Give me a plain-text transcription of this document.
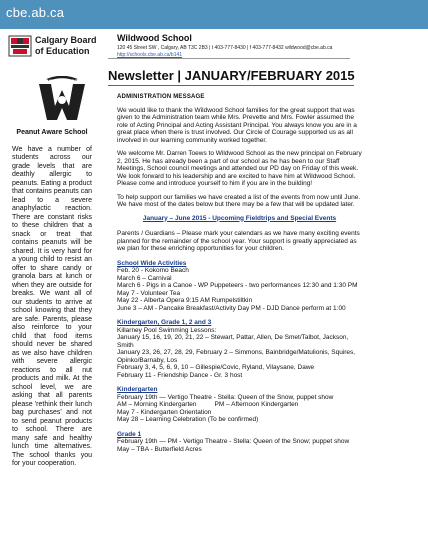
cbe.ab.ca
Calgary Board
of Education
Wildwood School
120 45 Street SW , Calgary, AB T3C 2B3 | t 403-777-8430 | f 403-777-8432 wildwood@cbe.ab.ca
http://schools.cbe.ab.ca/b141
WILDWOOD Newsletter | JANUARY/FEBRUARY 2015
Peanut Aware School

We have a number of students across our grade levels that are deathly allergic to peanuts. Eating a product that contains peanuts can lead to a severe anaphylactic reaction. There are constant risks to these children that a snack or treat that contains peanuts will be shared. It is very hard for a young child to resist an offer to share candy or granola bars at lunch or when they are outside for breaks. We want all of our students to arrive at school knowing that they are safe. Parents, please also reinforce to your child that food items should never be shared as we also have children with severe allergic reactions to all nut products and milk. At the school level, we are asking that all parents please 'rethink their lunch bag purchases' and not to send peanut products to school. There are many safe and healthy lunch time alternatives. The school thanks you for your cooperation.

ADMINISTRATION MESSAGE

We would like to thank the Wildwood School families for the great support that was given to the Administration team while Mrs. Prevette and Mrs. Fowler assumed the role of Acting Principal and Acting Assistant Principal. You always know you are in a great place when there is trust involved. Our Circle of Courage supported us as all involved in our learning community worked together.

We welcome Mr. Darren Toews to Wildwood School as the new principal on February 2, 2015. He has already been a part of our school as he has been to our Staff Meetings, School council meetings and attended our PD day on Friday of this week. We look forward to his leadership and are excited to have him at Wildwood School. Please come and introduce yourself to him if you are in the building!

To help support our families we have created a list of the events from now until June. We have most of the dates below but there may be a few that will be updated later.

January – June 2015 - Upcoming Fieldtrips and Special Events

Parents / Guardians – Please mark your calendars as we have many exciting events planned for the remainder of the school year. Your support is greatly appreciated as we plan for these enriching opportunities for your children.

School Wide Activities
Feb. 20 - Kokomo Beach
March 6 – Carnival
March 6 - Pigs in a Canoe - WP Puppeteers - two performances 12:30 and 1:30 PM
May 7 - Volunteer Tea
May 22 - Alberta Opera 9:15 AM Rumpelstiltkin
June 3 – AM - Pancake Breakfast/Activity Day PM - DJD Dance perform at 1:00
Kindergarten, Grade 1, 2 and 3
Killarney Pool Swimming Lessons:
January 15, 16, 19, 20, 21, 22 – Stewart, Pattar, Allen, De Smet/Talbot, Jackson, Smith
January 23, 26, 27, 28, 29, February 2 – Simmons, Bainbridge/Matulionis, Squires, Opinko/Barnaby, Los
February 3, 4, 5, 6, 9, 10 – Gillespie/Covic, Ryland, Vilaysane, Dawe
February 11 - Friendship Dance - Gr. 3 host
Kindergarten
February 19th — Vertigo Theatre - Stella: Queen of the Snow, puppet show
AM – Morning Kindergarten          PM – Afternoon Kindergarten
May 7 - Kindergarten Orientation
May 28 – Learning Celebration (To be confirmed)
Grade 1
February 19th — PM - Vertigo Theatre - Stella: Queen of the Snow; puppet show
May – TBA - Butterfield Acres
